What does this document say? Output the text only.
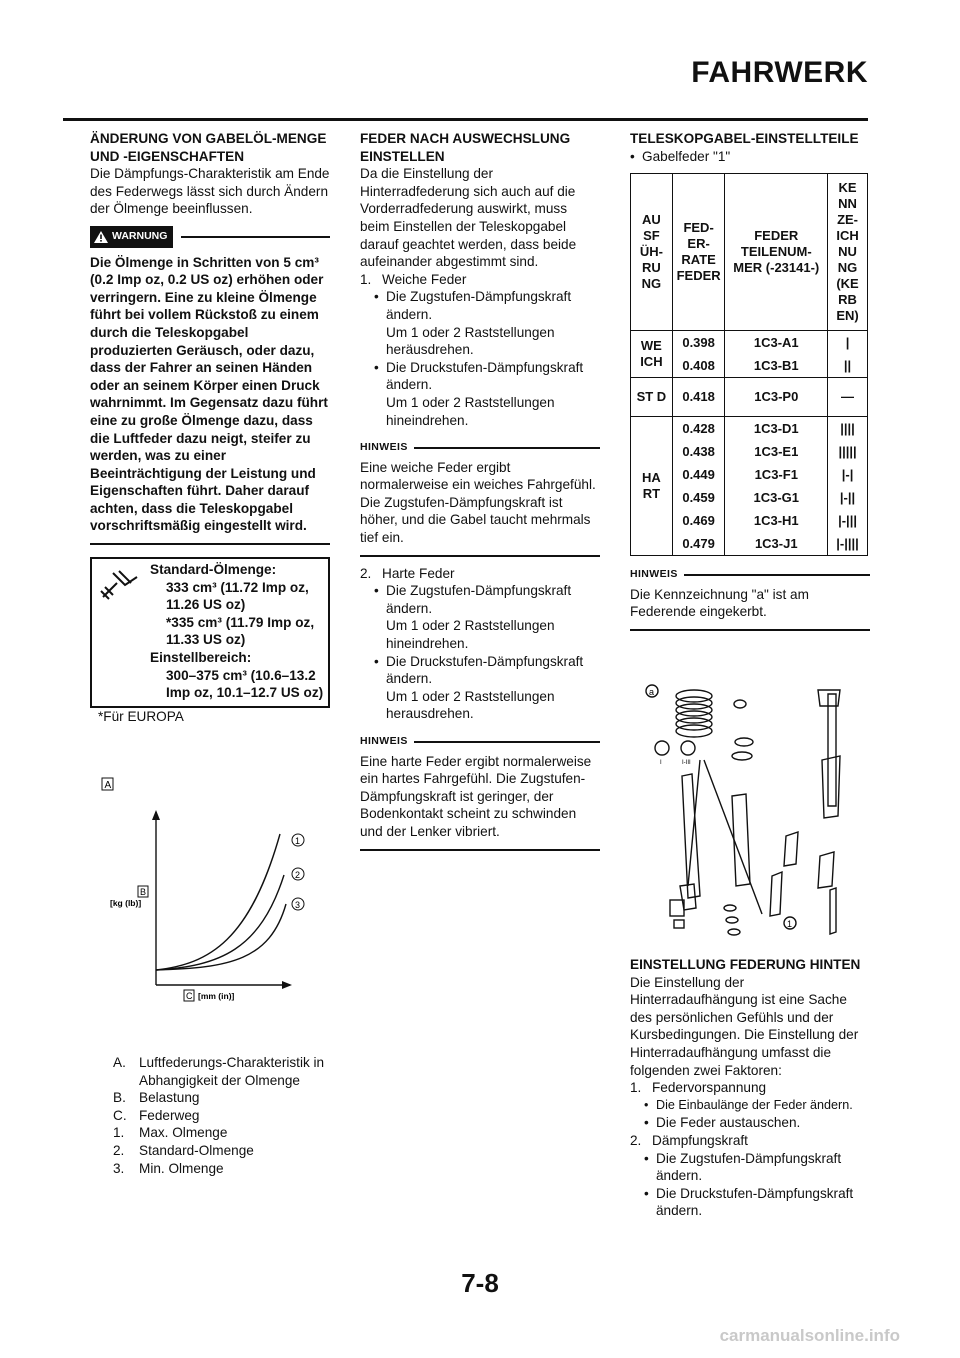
FAHRWERK
ÄNDERUNG VON GABELÖL-MENGE UND -EIGENSCHAFTEN

Die Dämpfungs-Charakteristik am Ende des Federwegs lässt sich durch Ändern der Ölmenge beeinflussen.

WARNUNG

Die Ölmenge in Schritten von 5 cm³ (0.2 Imp oz, 0.2 US oz) erhöhen oder verringern. Eine zu kleine Ölmenge führt bei vollem Rückstoß zu einem durch die Teleskopgabel produzierten Geräusch, oder dazu, dass der Fahrer an seinen Händen oder an seinem Körper einen Druck wahrnimmt. Im Gegensatz dazu führt eine zu große Ölmenge dazu, dass die Luftfeder dazu neigt, steifer zu werden, was zu einer Beeinträchtigung der Leistung und Eigenschaften führt. Daher darauf achten, dass die Teleskopgabel vorschriftsmäßig eingestellt wird.

Standard-Ölmenge:
333 cm³ (11.72 Imp oz, 11.26 US oz)
*335 cm³ (11.79 Imp oz, 11.33 US oz)
Einstellbereich:
300–375 cm³ (10.6–13.2 Imp oz, 10.1–12.7 US oz)
*Für EUROPA
A
1
2
3
B
[kg (lb)]
C [mm (in)]
A. Luftfederungs-Charakteristik in Abhangigkeit der Olmenge
B. Belastung
C. Federweg
1.	Max. Olmenge
2.	Standard-Olmenge
3.	Min. Olmenge
FEDER NACH AUSWECHSLUNG EINSTELLEN

Da die Einstellung der Hinterradfederung sich auch auf die Vorderradfederung auswirkt, muss beim Einstellen der Teleskopgabel darauf geachtet werden, dass beide aufeinander abgestimmt sind.

1. Weiche Feder
• Die Zugstufen-Dämpfungskraft ändern.
Um 1 oder 2 Raststellungen heräusdrehen.
• Die Druckstufen-Dämpfungskraft ändern.
Um 1 oder 2 Raststellungen hineindrehen.
HINWEIS

Eine weiche Feder ergibt normalerweise ein weiches Fahrgefühl. Die Zugstufen-Dämpfungskraft ist höher, und die Gabel taucht mehrmals tief ein.

2. Harte Feder
• Die Zugstufen-Dämpfungskraft ändern.
Um 1 oder 2 Raststellungen hineindrehen.
• Die Druckstufen-Dämpfungskraft ändern.
Um 1 oder 2 Raststellungen herausdrehen.
HINWEIS

Eine harte Feder ergibt normalerweise ein hartes Fahrgefühl. Die Zugstufen-Dämpfungskraft ist geringer, der Bodenkontakt scheint zu schwinden und der Lenker vibriert.

TELESKOPGABEL-EINSTELLTEILE
• Gabelfeder "1"
AU SF ÜH-RU NG	FED-ER-RATE FEDER	FEDER TEILENUM-MER (-23141-)	KE NN ZE-ICH NU NG (KE RB EN)
WE ICH	0.398	1C3-A1	|
	0.408	1C3-B1	||
ST D	0.418	1C3-P0	—
HA RT	0.428	1C3-D1	||||
	0.438	1C3-E1	|||||
	0.449	1C3-F1	|-|
	0.459	1C3-G1	|-||
	0.469	1C3-H1	|-|||
	0.479	1C3-J1	|-||||
HINWEIS

Die Kennzeichnung "a" ist am Federende eingekerbt.

a
I	I-III
1
EINSTELLUNG FEDERUNG HINTEN

Die Einstellung der Hinterradaufhängung ist eine Sache des persönlichen Gefühls und der Kursbedingungen. Die Einstellung der Hinterradaufhängung umfasst die folgenden zwei Faktoren:

1. Federvorspannung
• Die Einbaulänge der Feder ändern.
• Die Feder austauschen.
2. Dämpfungskraft
• Die Zugstufen-Dämpfungskraft ändern.
• Die Druckstufen-Dämpfungskraft ändern.
7-8
carmanualsonline.info
